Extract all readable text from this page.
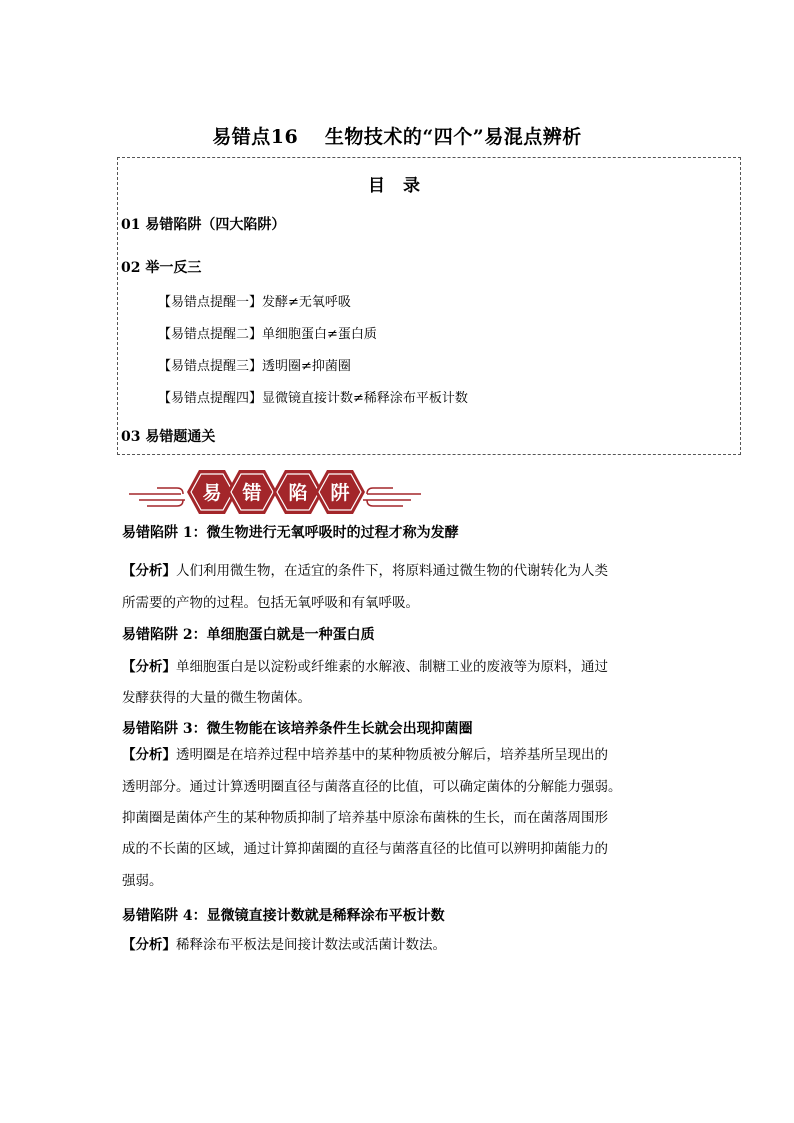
易错点16　 生物技术的“四个”易混点辨析
目 录
01 易错陷阱（四大陷阱）
02 举一反三
【易错点提醒一】发酵≠无氧呼吸
【易错点提醒二】单细胞蛋白≠蛋白质
【易错点提醒三】透明圈≠抑菌圈
【易错点提醒四】显微镜直接计数≠稀释涂布平板计数
03 易错题通关
易 错 陷 阱
易错陷阱 1：微生物进行无氧呼吸时的过程才称为发酵
【分析】人们利用微生物，在适宜的条件下，将原料通过微生物的代谢转化为人类
所需要的产物的过程。包括无氧呼吸和有氧呼吸。
易错陷阱 2：单细胞蛋白就是一种蛋白质
【分析】单细胞蛋白是以淀粉或纤维素的水解液、制糖工业的废液等为原料，通过
发酵获得的大量的微生物菌体。
易错陷阱 3：微生物能在该培养条件生长就会出现抑菌圈
【分析】透明圈是在培养过程中培养基中的某种物质被分解后，培养基所呈现出的
透明部分。通过计算透明圈直径与菌落直径的比值，可以确定菌体的分解能力强弱。
抑菌圈是菌体产生的某种物质抑制了培养基中原涂布菌株的生长，而在菌落周围形
成的不长菌的区域，通过计算抑菌圈的直径与菌落直径的比值可以辨明抑菌能力的
强弱。
易错陷阱 4：显微镜直接计数就是稀释涂布平板计数
【分析】稀释涂布平板法是间接计数法或活菌计数法。
